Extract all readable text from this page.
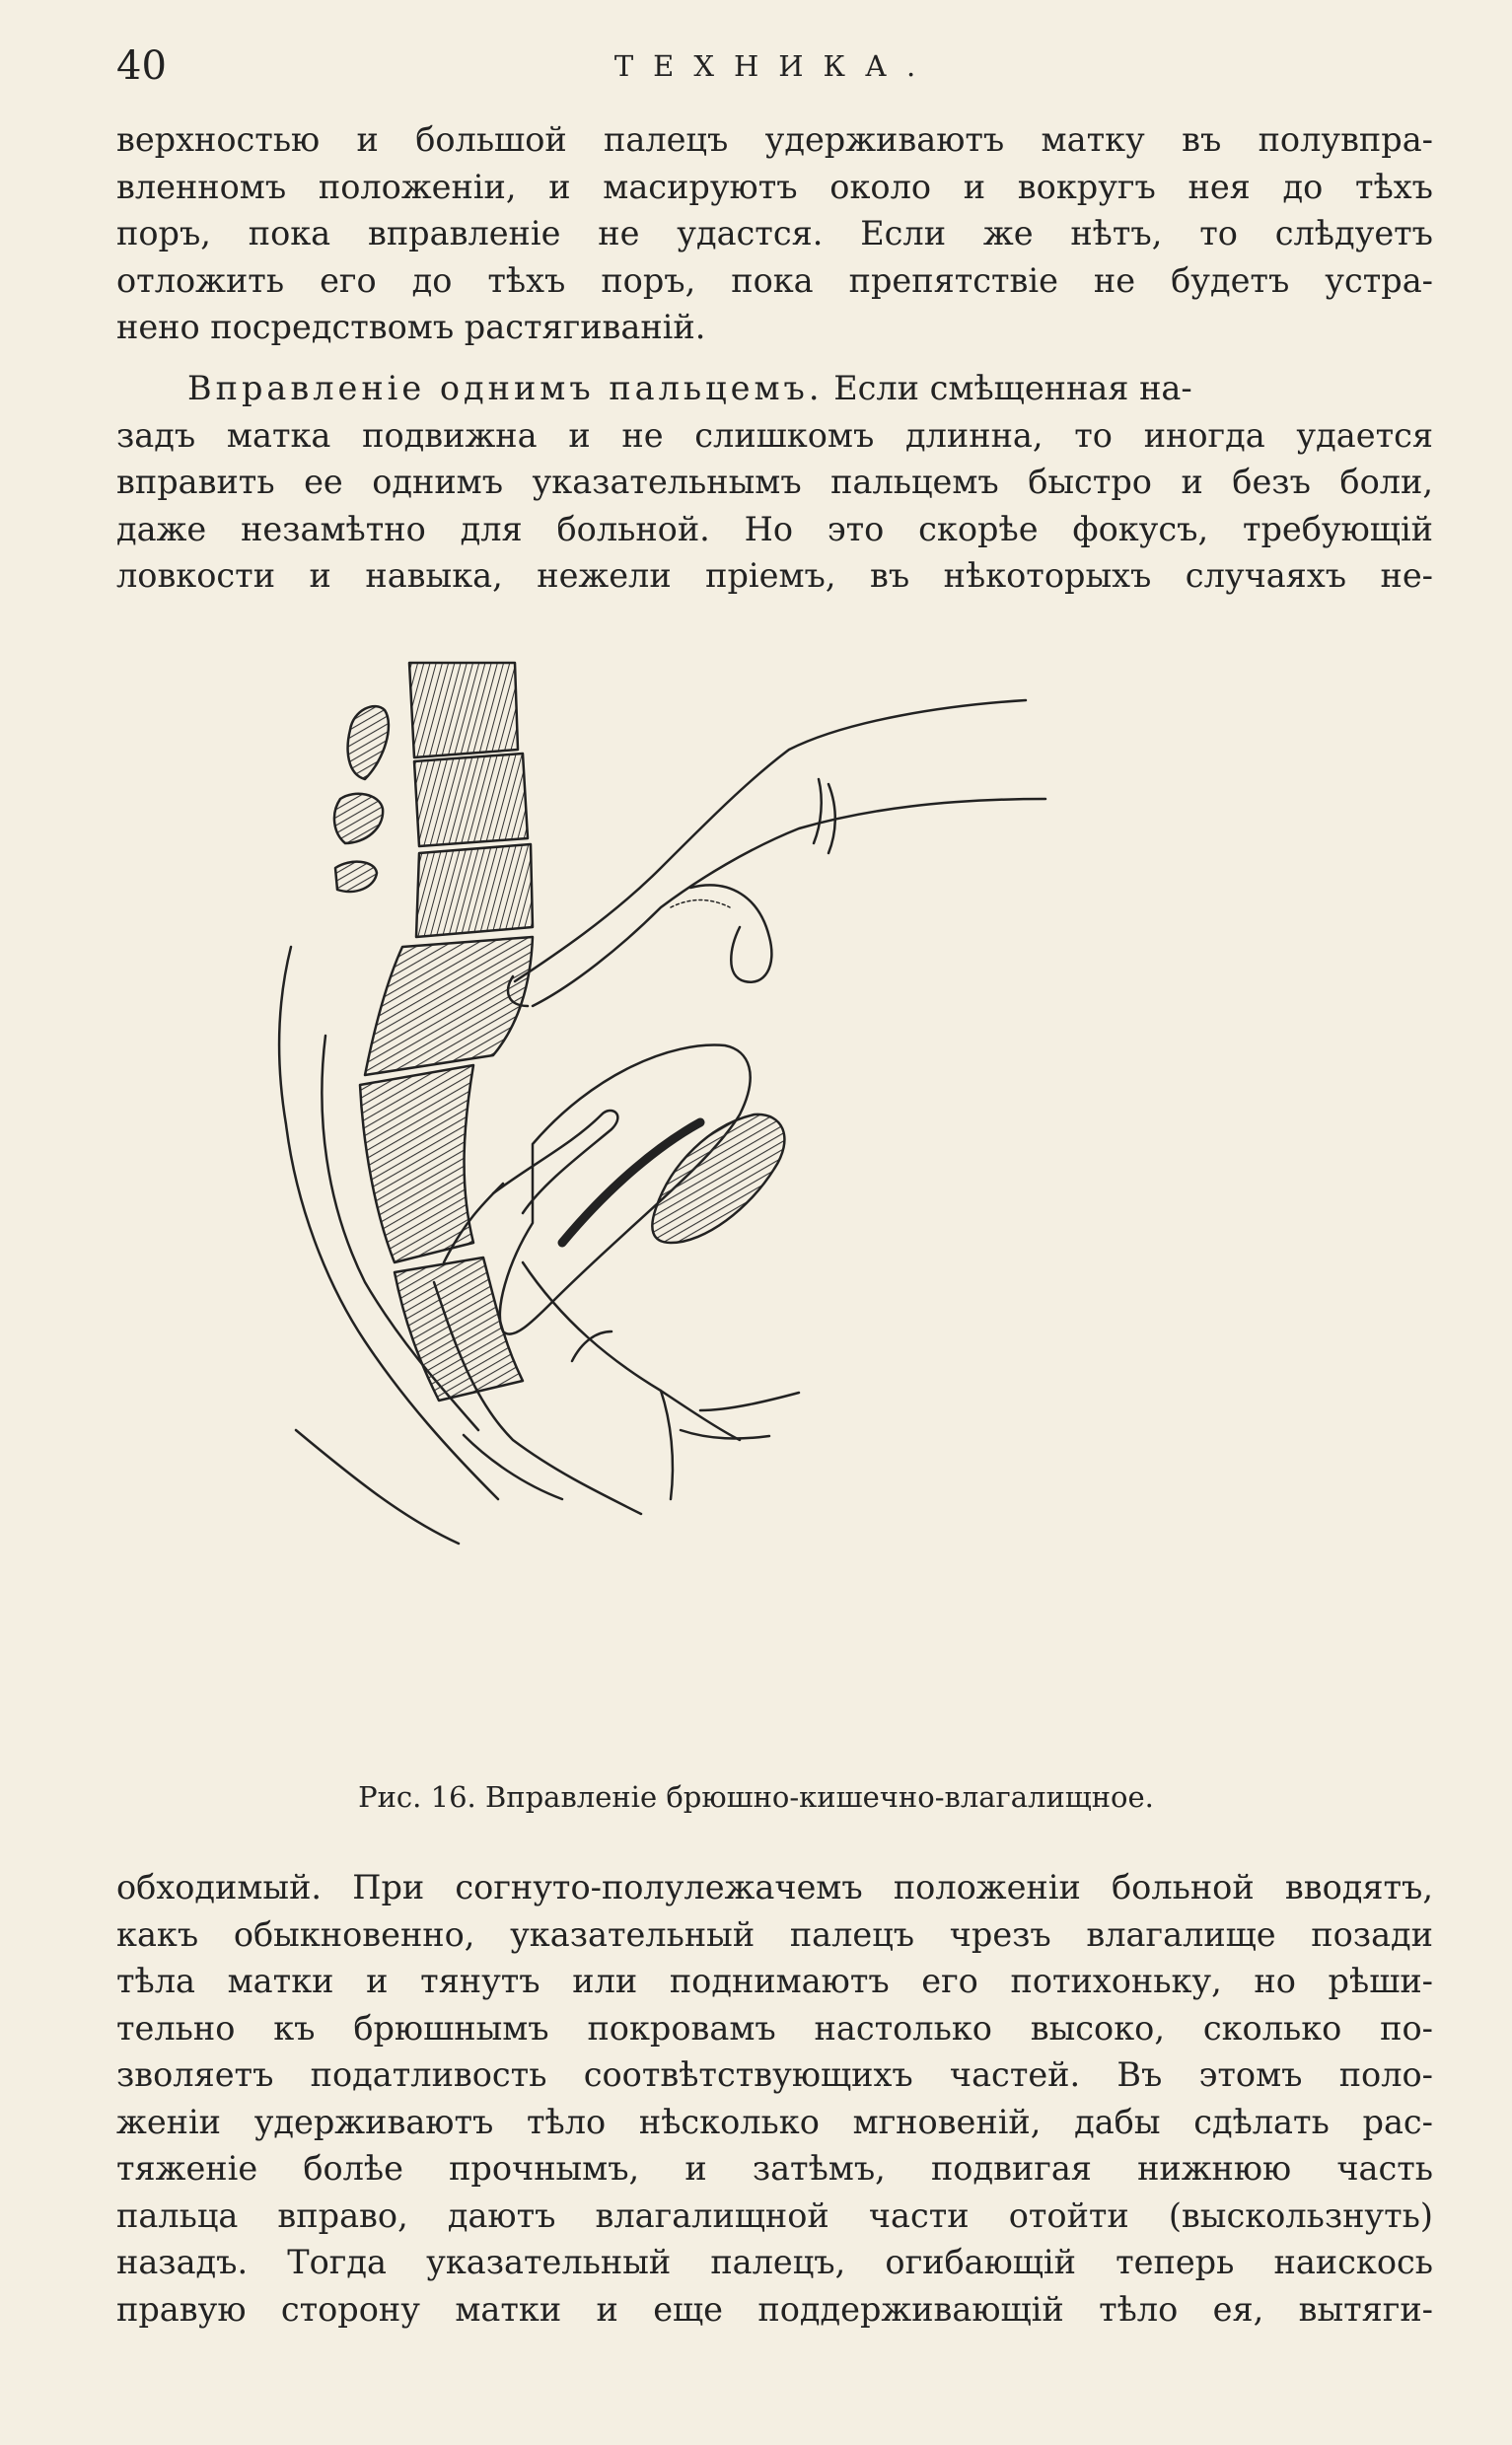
40	ТЕХНИКА.
верхностью и большой палецъ удерживаютъ матку въ полувпра-
вленномъ положеніи, и масируютъ около и вокругъ нея до тѣхъ
поръ, пока вправленіе не удастся. Если же нѣтъ, то слѣдуетъ
отложить его до тѣхъ поръ, пока препятствіе не будетъ устра-
нено посредствомъ растягиваній.
Вправленіе однимъ пальцемъ. Если смѣщенная на-
задъ матка подвижна и не слишкомъ длинна, то иногда удается
вправить ее однимъ указательнымъ пальцемъ быстро и безъ боли,
даже незамѣтно для больной. Но это скорѣе фокусъ, требующій
ловкости и навыка, нежели пріемъ, въ нѣкоторыхъ случаяхъ не-
Рис. 16. Вправленіе брюшно-кишечно-влагалищное.
обходимый. При согнуто-полулежачемъ положеніи больной вводятъ,
какъ обыкновенно, указательный палецъ чрезъ влагалище позади
тѣла матки и тянутъ или поднимаютъ его потихоньку, но рѣши-
тельно къ брюшнымъ покровамъ настолько высоко, сколько по-
зволяетъ податливость соотвѣтствующихъ частей. Въ этомъ поло-
женіи удерживаютъ тѣло нѣсколько мгновеній, дабы сдѣлать рас-
тяженіе болѣе прочнымъ, и затѣмъ, подвигая нижнюю часть
пальца вправо, даютъ влагалищной части отойти (выскользнуть)
назадъ. Тогда указательный палецъ, огибающій теперь наискось
правую сторону матки и еще поддерживающій тѣло ея, вытяги-
